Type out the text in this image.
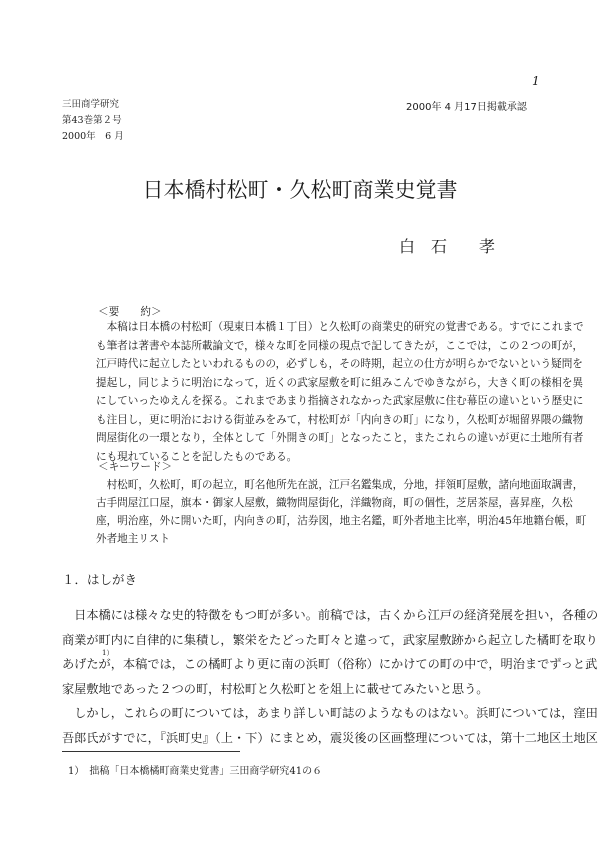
1
三田商学研究
第43巻第２号
2000年　6 月
2000年 4 月17日掲載承認
日本橋村松町・久松町商業史覚書
白　石　　孝
＜要　　約＞
　本稿は日本橋の村松町（現東日本橋１丁目）と久松町の商業史的研究の覚書である。すでにこれまで
も筆者は著書や本誌所載論文で，様々な町を同様の現点で記してきたが，ここでは，この２つの町が，
江戸時代に起立したといわれるものの，必ずしも，その時期，起立の仕方が明らかでないという疑問を
提起し，同じように明治になって，近くの武家屋敷を町に組みこんでゆきながら，大きく町の様相を異
にしていったゆえんを探る。これまであまり指摘されなかった武家屋敷に住む幕臣の違いという歴史に
も注目し，更に明治における街並みをみて，村松町が「内向きの町」になり，久松町が堀留界隈の織物
問屋街化の一環となり，全体として「外開きの町」となったこと，またこれらの違いが更に土地所有者
にも現れていることを記したものである。
＜キーワード＞
　村松町，久松町，町の起立，町名他所先在説，江戸名鑑集成，分地，拝領町屋敷，諸向地面取調書，
古手問屋江口屋，旗本・御家人屋敷，織物問屋街化，洋織物商，町の個性，芝居茶屋，喜昇座，久松
座，明治座，外に開いた町，内向きの町，沽券図，地主名鑑，町外者地主比率，明治45年地籍台帳，町
外者地主リスト
１．はしがき
　日本橋には様々な史的特徴をもつ町が多い。前稿では，古くから江戸の経済発展を担い，各種の
商業が町内に自律的に集積し，繁栄をたどった町々と違って，武家屋敷跡から起立した橘町を取り
あげたが，本稿では，この橘町より更に南の浜町（俗称）にかけての町の中で，明治までずっと武
家屋敷地であった２つの町，村松町と久松町とを俎上に載せてみたいと思う。
　しかし，これらの町については，あまり詳しい町誌のようなものはない。浜町については，窪田
吾郎氏がすでに，『浜町史』（上・下）にまとめ，震災後の区画整理については，第十二地区土地区
1）
1）　拙稿「日本橋橘町商業史覚書」三田商学研究41の６
